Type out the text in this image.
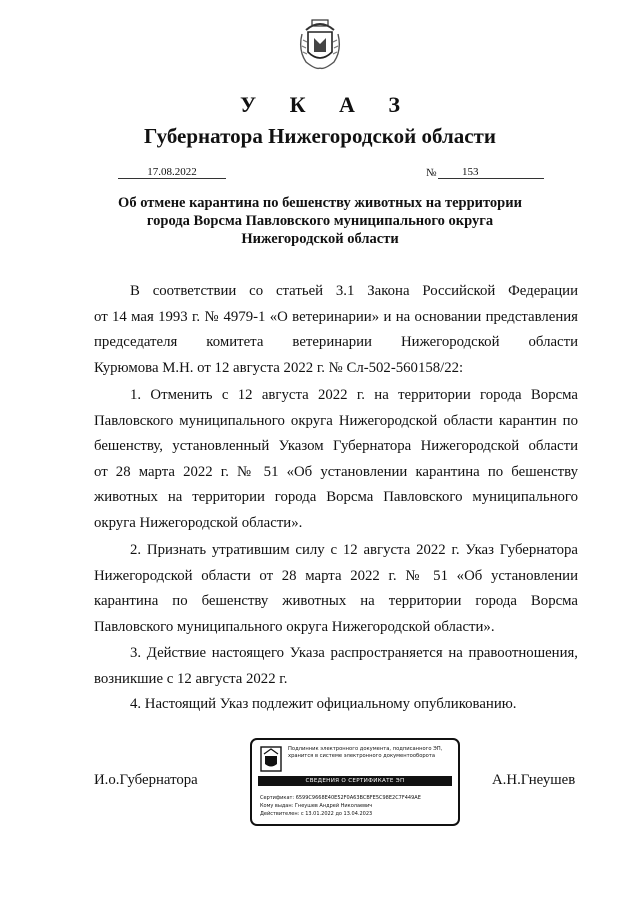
У К А З
Губернатора Нижегородской области
17.08.2022	№	153
Об отмене карантина по бешенству животных на территории
города Ворсма Павловского муниципального округа
Нижегородской области
В соответствии со статьей 3.1 Закона Российской Федерации
от 14 мая 1993 г. № 4979-1 «О ветеринарии» и на основании представления
председателя комитета ветеринарии Нижегородской области
Курюмова М.Н. от 12 августа 2022 г. № Сл-502-560158/22:
1. Отменить с 12 августа 2022 г. на территории города Ворсма
Павловского муниципального округа Нижегородской области карантин по
бешенству, установленный Указом Губернатора Нижегородской области
от 28 марта 2022 г. № 51 «Об установлении карантина по бешенству
животных на территории города Ворсма Павловского муниципального
округа Нижегородской области».
2. Признать утратившим силу с 12 августа 2022 г. Указ Губернатора
Нижегородской области от 28 марта 2022 г. № 51 «Об установлении
карантина по бешенству животных на территории города Ворсма
Павловского муниципального округа Нижегородской области».
3. Действие настоящего Указа распространяется на правоотношения,
возникшие с 12 августа 2022 г.
4. Настоящий Указ подлежит официальному опубликованию.
И.о.Губернатора	А.Н.Гнеушев
Подлинник электронного документа, подписанного ЭП,
хранится в системе электронного документооборота
СВЕДЕНИЯ О СЕРТИФИКАТЕ ЭП
Сертификат: 6599C9668E40E52F0A63BCBFE5C98E2C7F449AE
Кому выдан: Гнеушев Андрей Николаевич
Действителен: с 13.01.2022 до 13.04.2023
